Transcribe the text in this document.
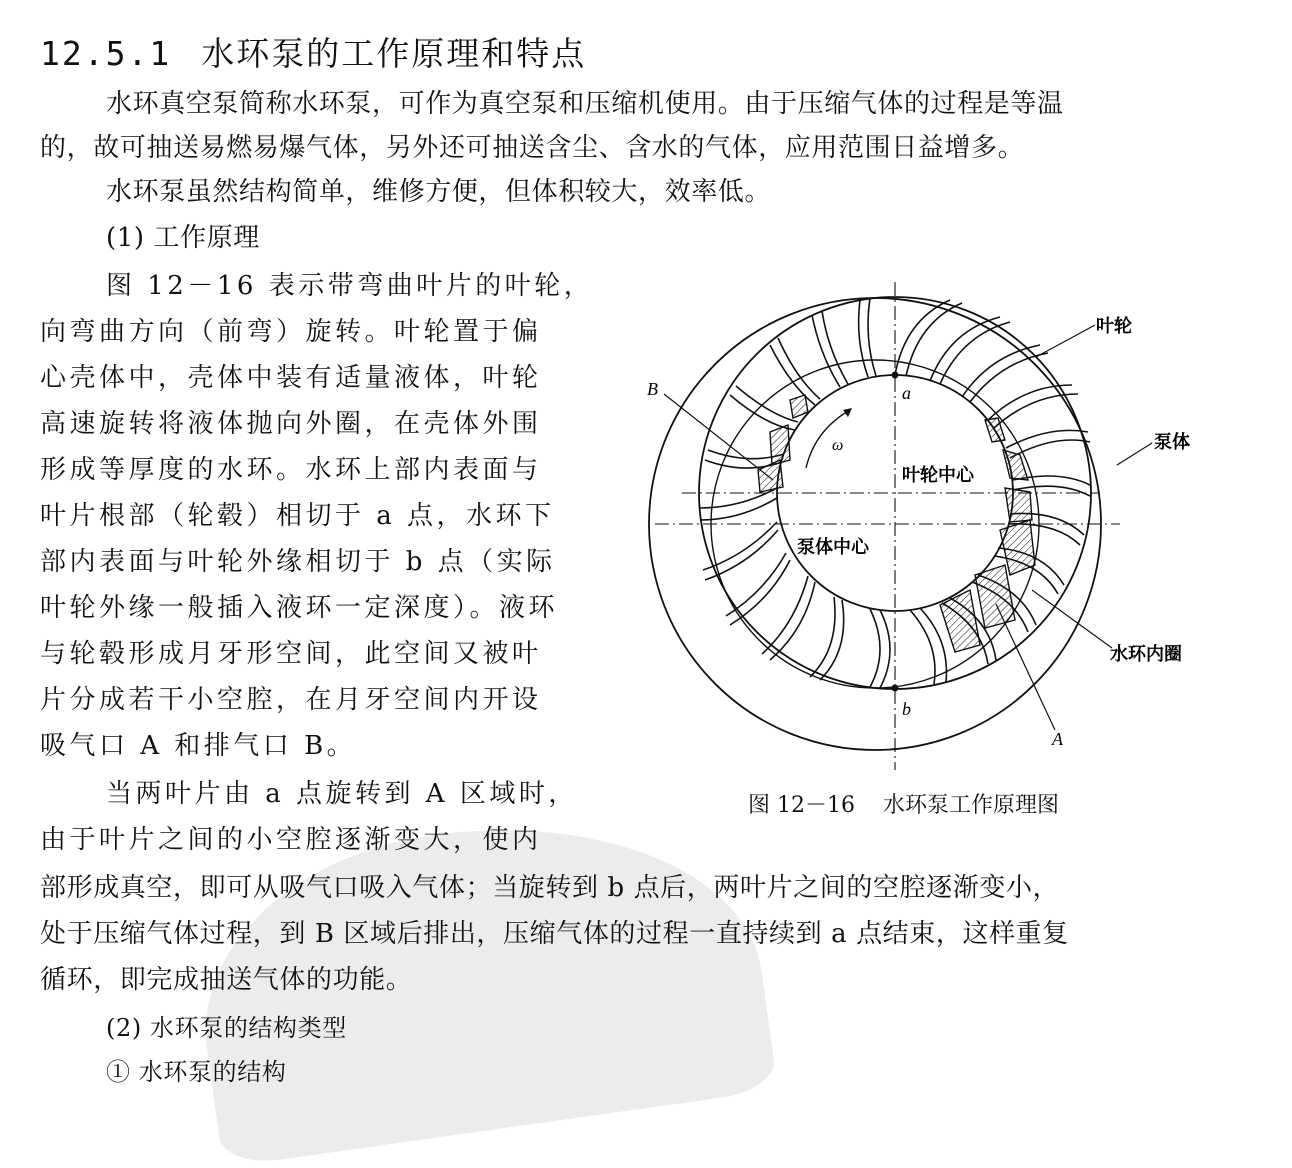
12.5.1 水环泵的工作原理和特点
水环真空泵简称水环泵，可作为真空泵和压缩机使用。由于压缩气体的过程是等温
的，故可抽送易燃易爆气体，另外还可抽送含尘、含水的气体，应用范围日益增多。
水环泵虽然结构简单，维修方便，但体积较大，效率低。
(1) 工作原理
图 12－16 表示带弯曲叶片的叶轮，
向弯曲方向（前弯）旋转。叶轮置于偏
心壳体中，壳体中装有适量液体，叶轮
高速旋转将液体抛向外圈，在壳体外围
形成等厚度的水环。水环上部内表面与
叶片根部（轮毂）相切于 a 点，水环下
部内表面与叶轮外缘相切于 b 点（实际
叶轮外缘一般插入液环一定深度）。液环
与轮毂形成月牙形空间，此空间又被叶
片分成若干小空腔，在月牙空间内开设
吸气口 A 和排气口 B。
当两叶片由 a 点旋转到 A 区域时，
由于叶片之间的小空腔逐渐变大，使内
部形成真空，即可从吸气口吸入气体；当旋转到 b 点后，两叶片之间的空腔逐渐变小，
处于压缩气体过程，到 B 区域后排出，压缩气体的过程一直持续到 a 点结束，这样重复
循环，即完成抽送气体的功能。
(2) 水环泵的结构类型
① 水环泵的结构
叶轮
泵体
叶轮中心
泵体中心
水环内圈
a
b
A
B
ω
图 12－16 水环泵工作原理图
